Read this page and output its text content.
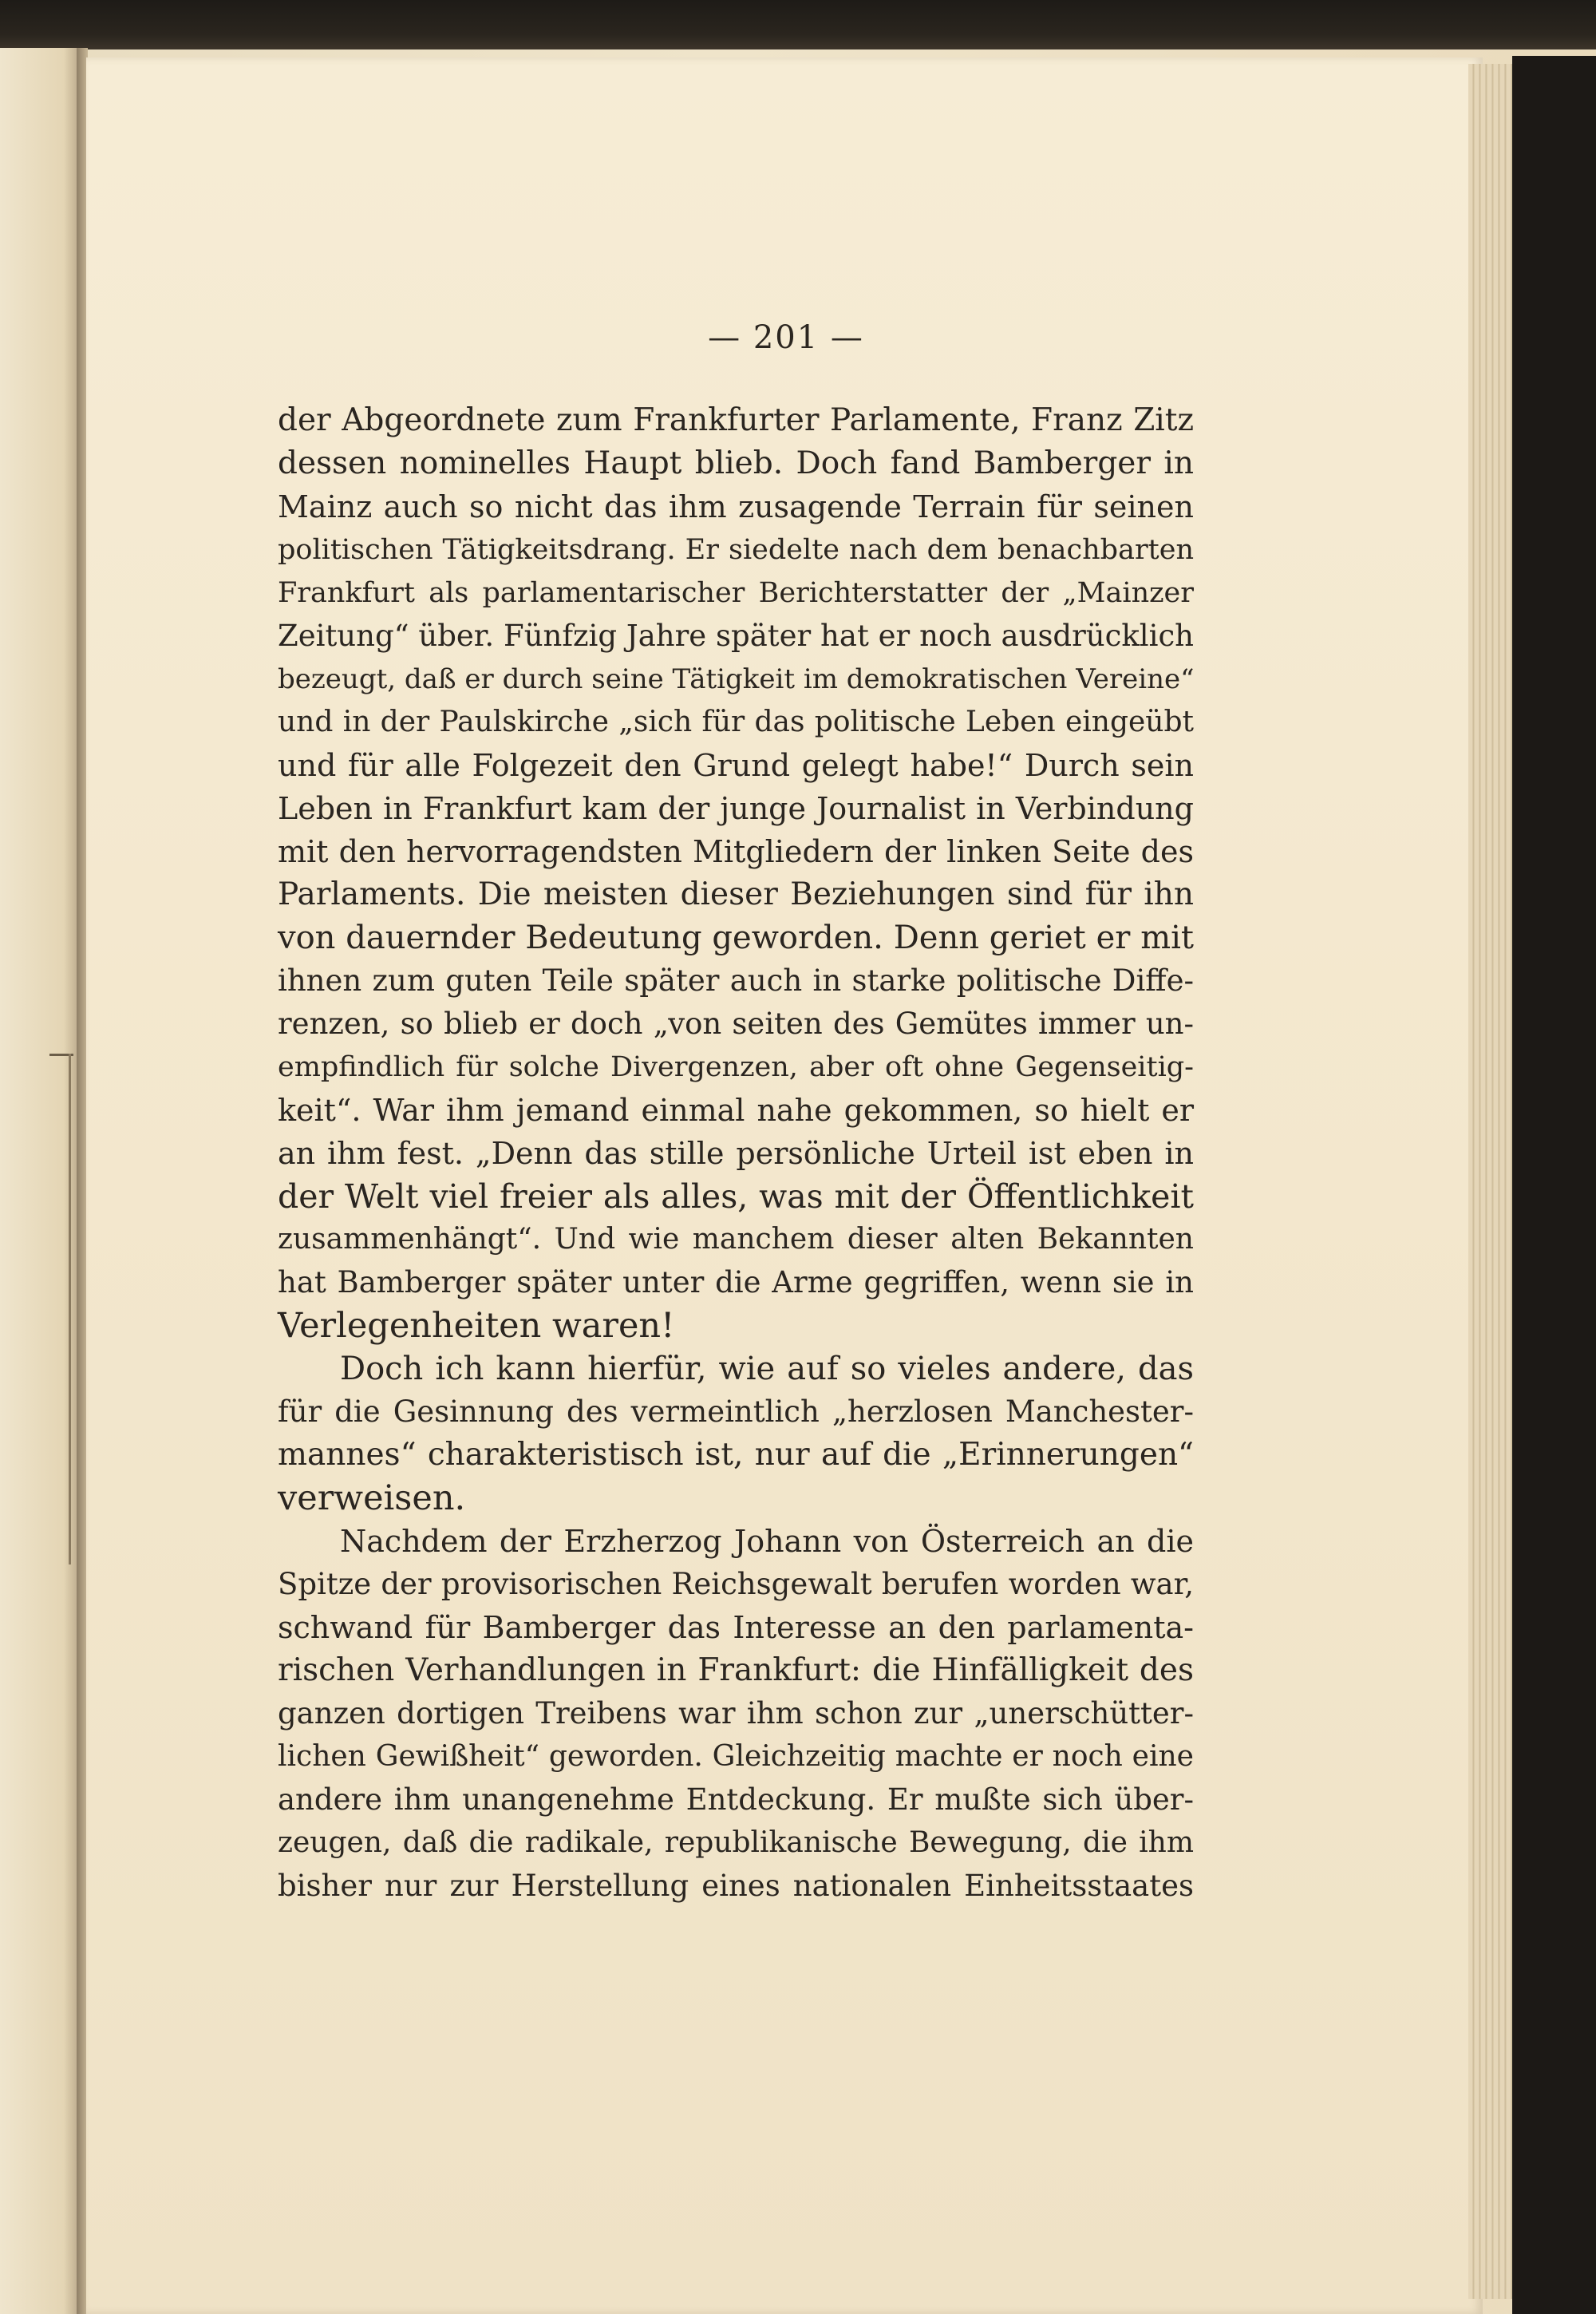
— 201 —
der Abgeordnete zum Frankfurter Parlamente, Franz Zitz
dessen nominelles Haupt blieb. Doch fand Bamberger in
Mainz auch so nicht das ihm zusagende Terrain für seinen
politischen Tätigkeitsdrang. Er siedelte nach dem benachbarten
Frankfurt als parlamentarischer Berichterstatter der „Mainzer
Zeitung“ über. Fünfzig Jahre später hat er noch ausdrücklich
bezeugt, daß er durch seine Tätigkeit im demokratischen Vereine“
und in der Paulskirche „sich für das politische Leben eingeübt
und für alle Folgezeit den Grund gelegt habe!“ Durch sein
Leben in Frankfurt kam der junge Journalist in Verbindung
mit den hervorragendsten Mitgliedern der linken Seite des
Parlaments. Die meisten dieser Beziehungen sind für ihn
von dauernder Bedeutung geworden. Denn geriet er mit
ihnen zum guten Teile später auch in starke politische Diffe-
renzen, so blieb er doch „von seiten des Gemütes immer un-
empfindlich für solche Divergenzen, aber oft ohne Gegenseitig-
keit“. War ihm jemand einmal nahe gekommen, so hielt er
an ihm fest. „Denn das stille persönliche Urteil ist eben in
der Welt viel freier als alles, was mit der Öffentlichkeit
zusammenhängt“. Und wie manchem dieser alten Bekannten
hat Bamberger später unter die Arme gegriffen, wenn sie in
Verlegenheiten waren!
Doch ich kann hierfür, wie auf so vieles andere, das
für die Gesinnung des vermeintlich „herzlosen Manchester-
mannes“ charakteristisch ist, nur auf die „Erinnerungen“
verweisen.
Nachdem der Erzherzog Johann von Österreich an die
Spitze der provisorischen Reichsgewalt berufen worden war,
schwand für Bamberger das Interesse an den parlamenta-
rischen Verhandlungen in Frankfurt: die Hinfälligkeit des
ganzen dortigen Treibens war ihm schon zur „unerschütter-
lichen Gewißheit“ geworden. Gleichzeitig machte er noch eine
andere ihm unangenehme Entdeckung. Er mußte sich über-
zeugen, daß die radikale, republikanische Bewegung, die ihm
bisher nur zur Herstellung eines nationalen Einheitsstaates
